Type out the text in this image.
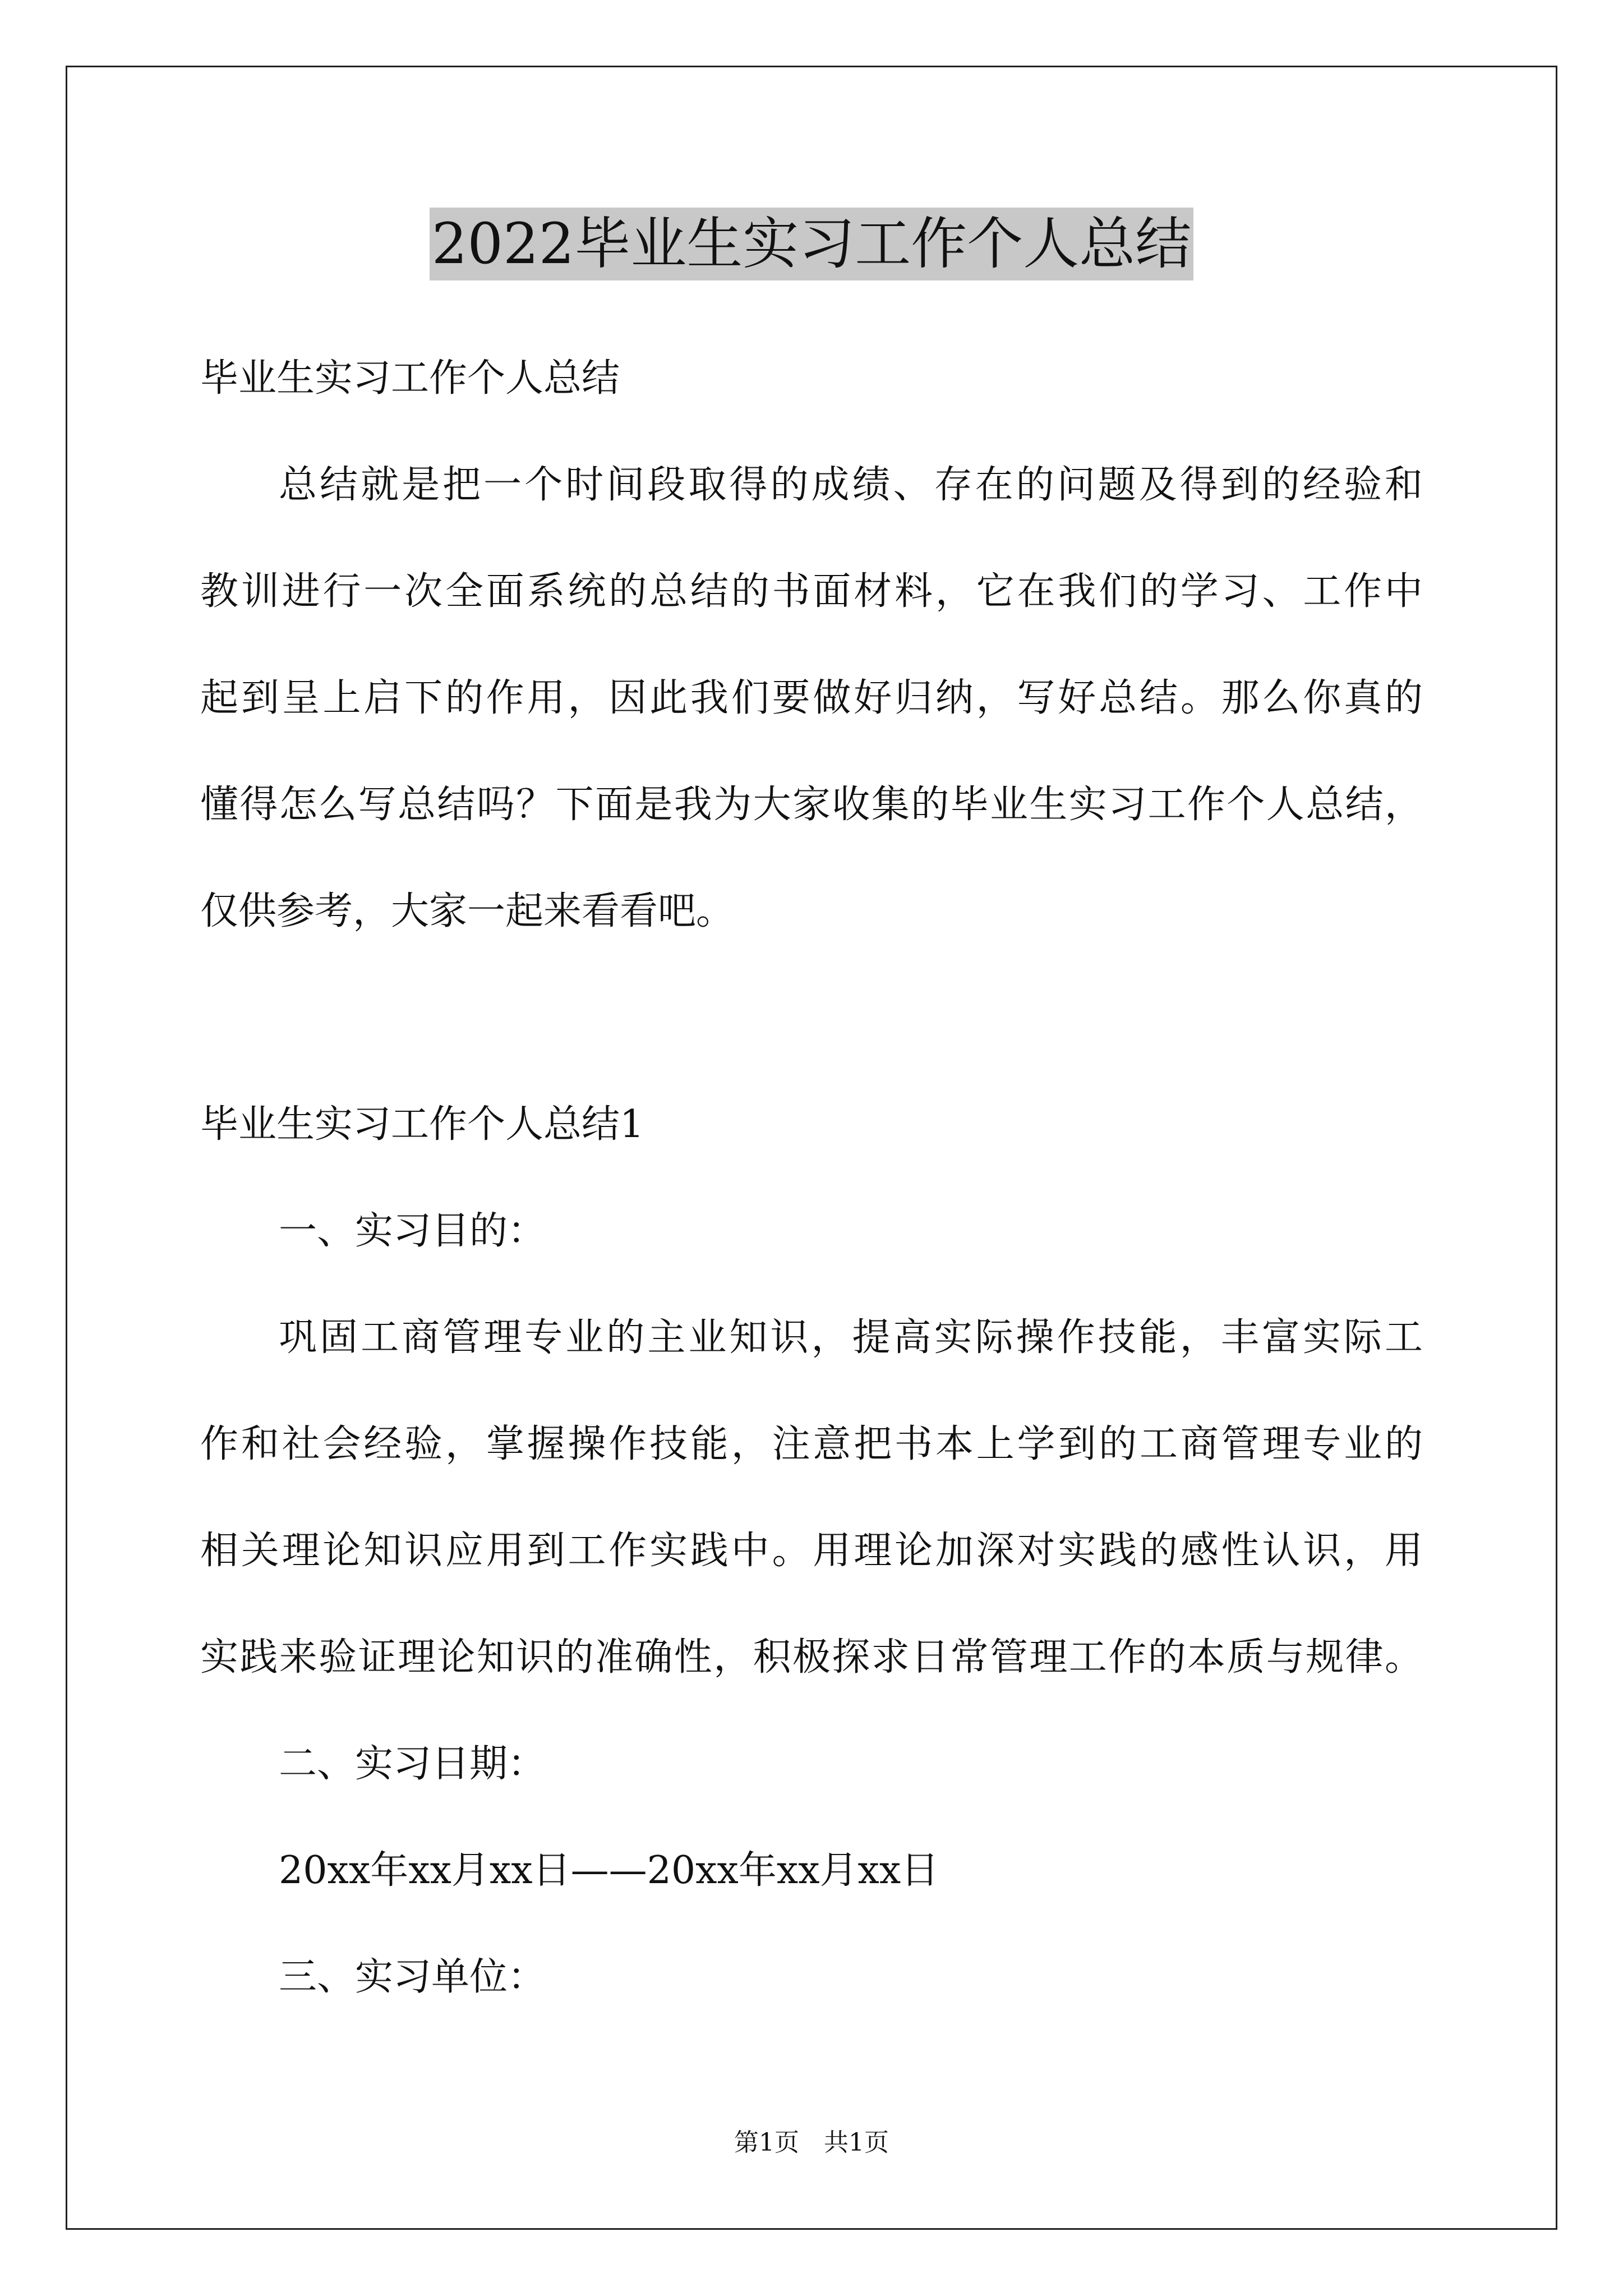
2022毕业生实习工作个人总结
毕业生实习工作个人总结
总结就是把一个时间段取得的成绩、存在的问题及得到的经验和
教训进行一次全面系统的总结的书面材料，它在我们的学习、工作中
起到呈上启下的作用，因此我们要做好归纳，写好总结。那么你真的
懂得怎么写总结吗？下面是我为大家收集的毕业生实习工作个人总结，
仅供参考，大家一起来看看吧。
毕业生实习工作个人总结1
一、实习目的：
巩固工商管理专业的主业知识，提高实际操作技能，丰富实际工
作和社会经验，掌握操作技能，注意把书本上学到的工商管理专业的
相关理论知识应用到工作实践中。用理论加深对实践的感性认识，用
实践来验证理论知识的准确性，积极探求日常管理工作的本质与规律。
二、实习日期：
20xx年xx月xx日——20xx年xx月xx日
三、实习单位：
第1页　共1页
